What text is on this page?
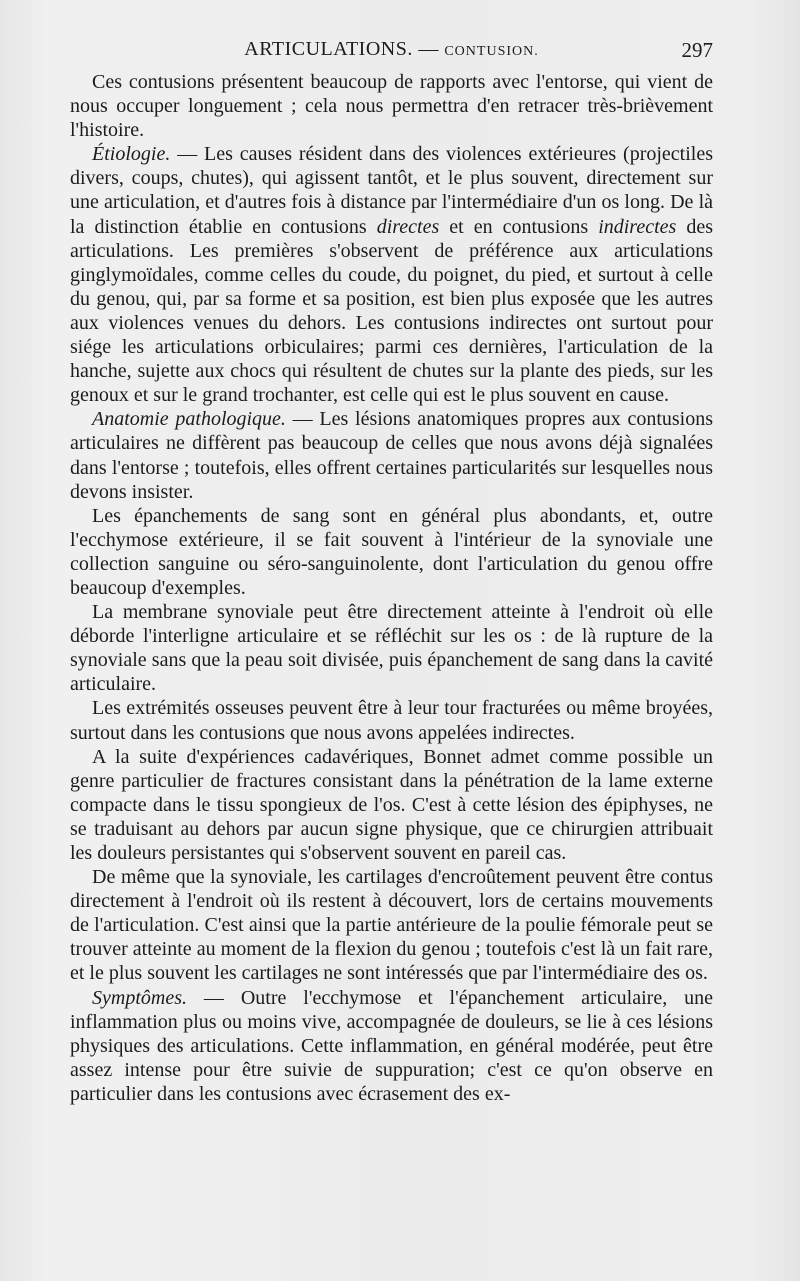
ARTICULATIONS. — CONTUSION.	297

Ces contusions présentent beaucoup de rapports avec l'entorse, qui vient de nous occuper longuement ; cela nous permettra d'en retracer très-brièvement l'histoire.

Étiologie. — Les causes résident dans des violences extérieures (projectiles divers, coups, chutes), qui agissent tantôt, et le plus souvent, directement sur une articulation, et d'autres fois à distance par l'intermédiaire d'un os long. De là la distinction établie en contusions directes et en contusions indirectes des articulations. Les premières s'observent de préférence aux articulations ginglymoïdales, comme celles du coude, du poignet, du pied, et surtout à celle du genou, qui, par sa forme et sa position, est bien plus exposée que les autres aux violences venues du dehors. Les contusions indirectes ont surtout pour siége les articulations orbiculaires; parmi ces dernières, l'articulation de la hanche, sujette aux chocs qui résultent de chutes sur la plante des pieds, sur les genoux et sur le grand trochanter, est celle qui est le plus souvent en cause.

Anatomie pathologique. — Les lésions anatomiques propres aux contusions articulaires ne diffèrent pas beaucoup de celles que nous avons déjà signalées dans l'entorse ; toutefois, elles offrent certaines particularités sur lesquelles nous devons insister.

Les épanchements de sang sont en général plus abondants, et, outre l'ecchymose extérieure, il se fait souvent à l'intérieur de la synoviale une collection sanguine ou séro-sanguinolente, dont l'articulation du genou offre beaucoup d'exemples.

La membrane synoviale peut être directement atteinte à l'endroit où elle déborde l'interligne articulaire et se réfléchit sur les os : de là rupture de la synoviale sans que la peau soit divisée, puis épanchement de sang dans la cavité articulaire.

Les extrémités osseuses peuvent être à leur tour fracturées ou même broyées, surtout dans les contusions que nous avons appelées indirectes.

A la suite d'expériences cadavériques, Bonnet admet comme possible un genre particulier de fractures consistant dans la pénétration de la lame externe compacte dans le tissu spongieux de l'os. C'est à cette lésion des épiphyses, ne se traduisant au dehors par aucun signe physique, que ce chirurgien attribuait les douleurs persistantes qui s'observent souvent en pareil cas.

De même que la synoviale, les cartilages d'encroûtement peuvent être contus directement à l'endroit où ils restent à découvert, lors de certains mouvements de l'articulation. C'est ainsi que la partie antérieure de la poulie fémorale peut se trouver atteinte au moment de la flexion du genou ; toutefois c'est là un fait rare, et le plus souvent les cartilages ne sont intéressés que par l'intermédiaire des os.

Symptômes. — Outre l'ecchymose et l'épanchement articulaire, une inflammation plus ou moins vive, accompagnée de douleurs, se lie à ces lésions physiques des articulations. Cette inflammation, en général modérée, peut être assez intense pour être suivie de suppuration; c'est ce qu'on observe en particulier dans les contusions avec écrasement des ex-
